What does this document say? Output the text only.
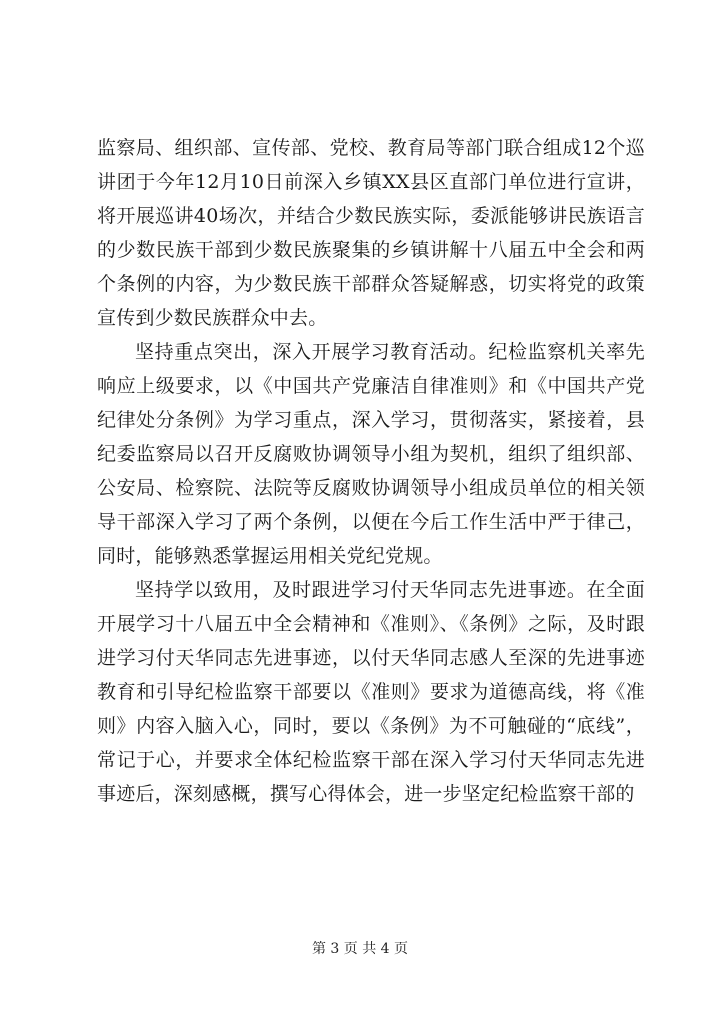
监察局、组织部、宣传部、党校、教育局等部门联合组成12个巡讲团于今年12月10日前深入乡镇XX县区直部门单位进行宣讲，将开展巡讲40场次，并结合少数民族实际，委派能够讲民族语言的少数民族干部到少数民族聚集的乡镇讲解十八届五中全会和两个条例的内容，为少数民族干部群众答疑解惑，切实将党的政策宣传到少数民族群众中去。

坚持重点突出，深入开展学习教育活动。纪检监察机关率先响应上级要求，以《中国共产党廉洁自律准则》和《中国共产党纪律处分条例》为学习重点，深入学习，贯彻落实，紧接着，县纪委监察局以召开反腐败协调领导小组为契机，组织了组织部、公安局、检察院、法院等反腐败协调领导小组成员单位的相关领导干部深入学习了两个条例，以便在今后工作生活中严于律己，同时，能够熟悉掌握运用相关党纪党规。

坚持学以致用，及时跟进学习付天华同志先进事迹。在全面开展学习十八届五中全会精神和《准则》、《条例》之际，及时跟进学习付天华同志先进事迹，以付天华同志感人至深的先进事迹教育和引导纪检监察干部要以《准则》要求为道德高线，将《准则》内容入脑入心，同时，要以《条例》为不可触碰的“底线”，常记于心，并要求全体纪检监察干部在深入学习付天华同志先进事迹后，深刻感概，撰写心得体会，进一步坚定纪检监察干部的

第 3 页 共 4 页
